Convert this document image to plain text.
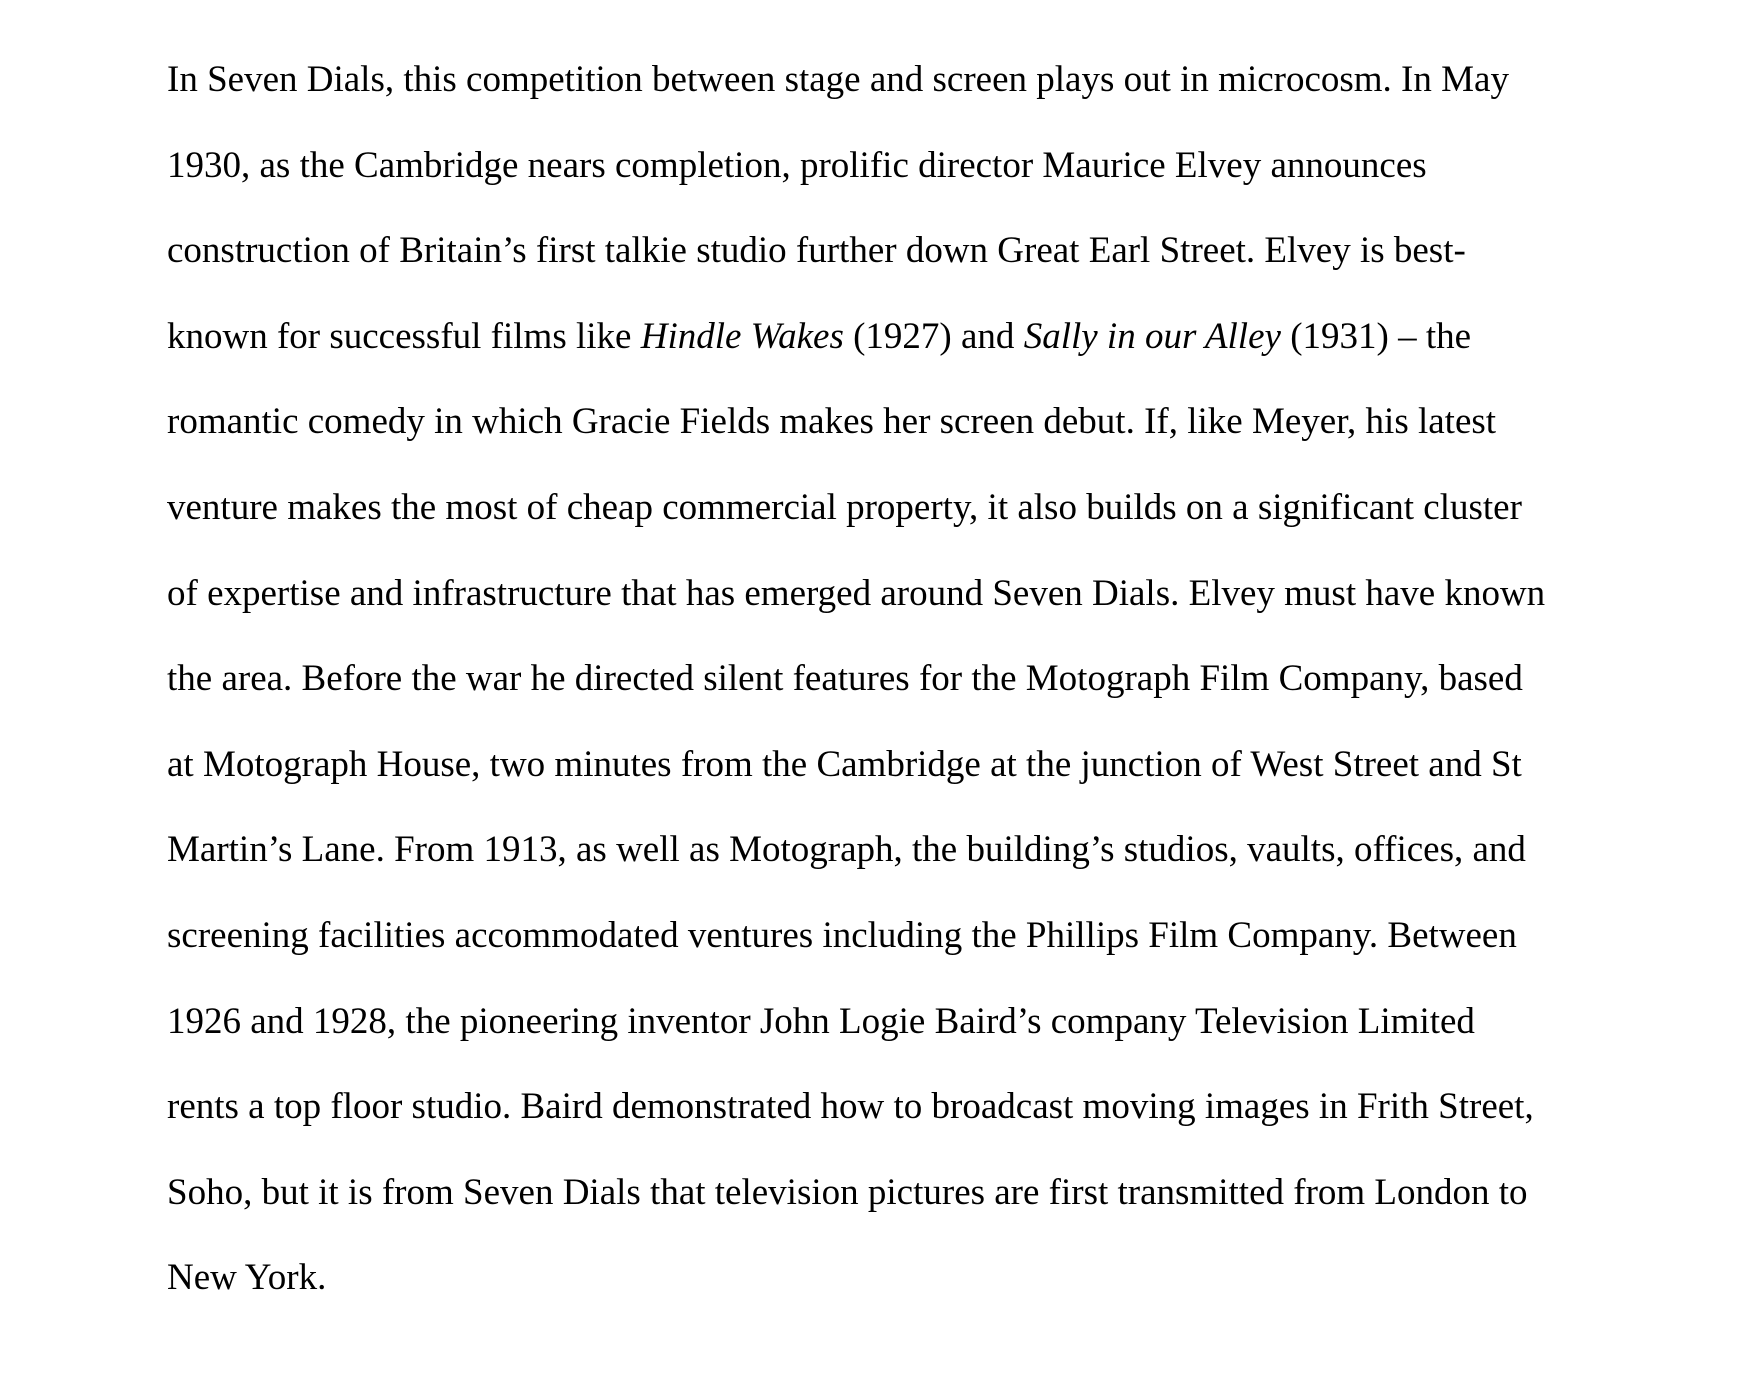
In Seven Dials, this competition between stage and screen plays out in microcosm. In May
1930, as the Cambridge nears completion, prolific director Maurice Elvey announces
construction of Britain’s first talkie studio further down Great Earl Street. Elvey is best-
known for successful films like Hindle Wakes (1927) and Sally in our Alley (1931) – the
romantic comedy in which Gracie Fields makes her screen debut. If, like Meyer, his latest
venture makes the most of cheap commercial property, it also builds on a significant cluster
of expertise and infrastructure that has emerged around Seven Dials. Elvey must have known
the area. Before the war he directed silent features for the Motograph Film Company, based
at Motograph House, two minutes from the Cambridge at the junction of West Street and St
Martin’s Lane. From 1913, as well as Motograph, the building’s studios, vaults, offices, and
screening facilities accommodated ventures including the Phillips Film Company. Between
1926 and 1928, the pioneering inventor John Logie Baird’s company Television Limited
rents a top floor studio. Baird demonstrated how to broadcast moving images in Frith Street,
Soho, but it is from Seven Dials that television pictures are first transmitted from London to
New York.
